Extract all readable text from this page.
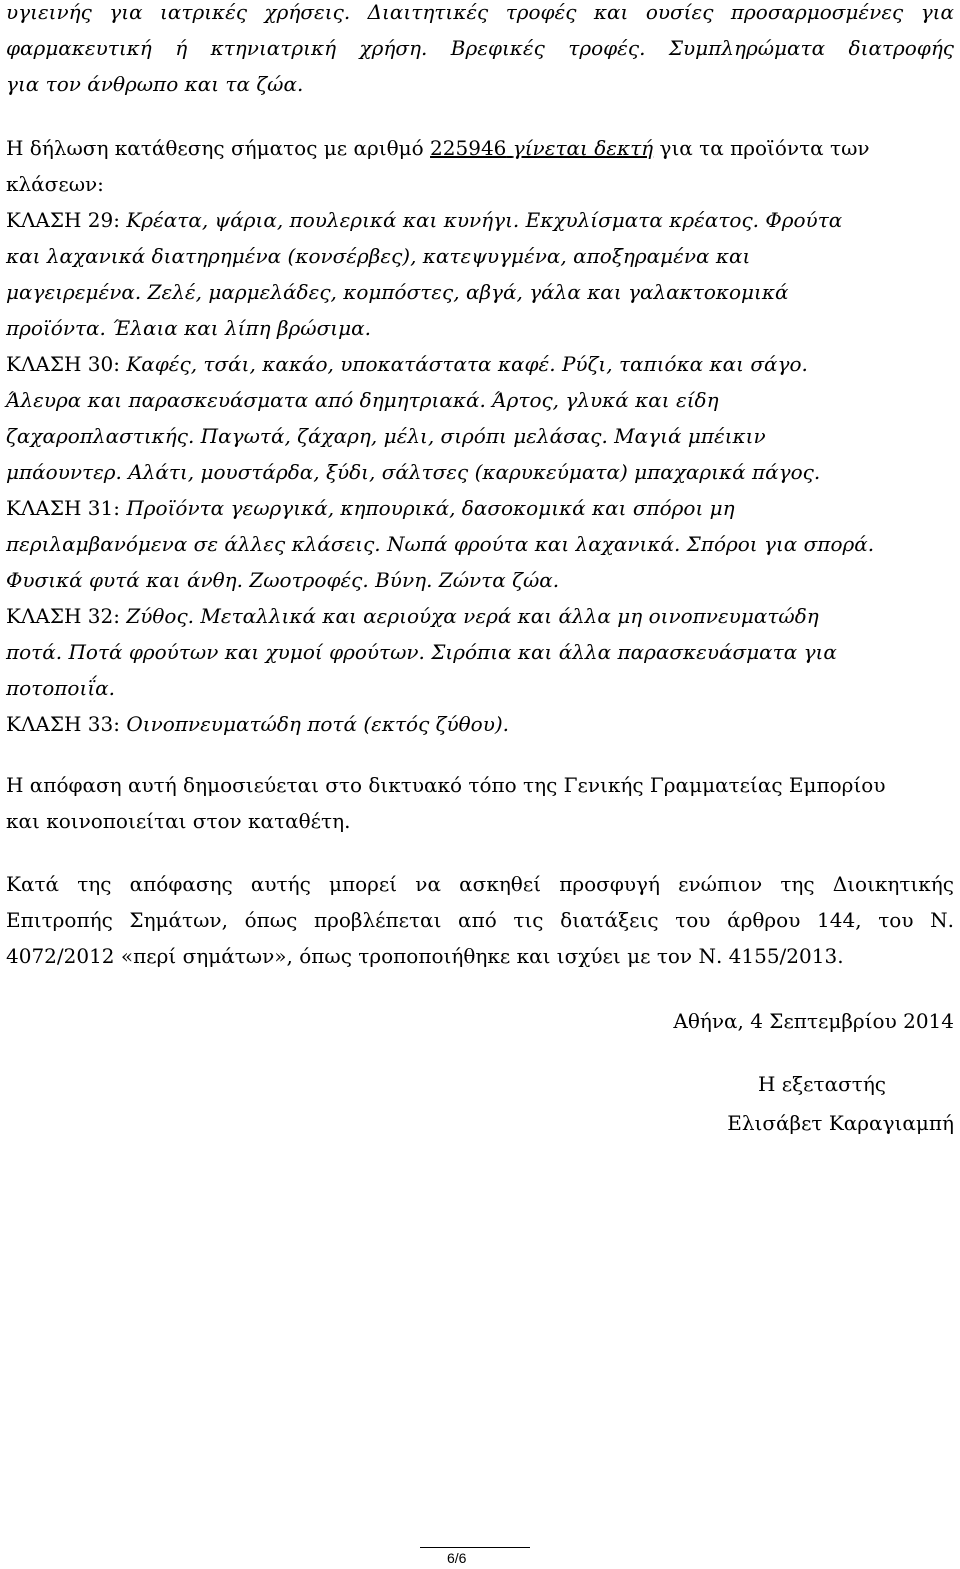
υγιεινής για ιατρικές χρήσεις. Διαιτητικές τροφές και ουσίες προσαρμοσμένες για
φαρμακευτική ή κτηνιατρική χρήση. Βρεφικές τροφές. Συμπληρώματα διατροφής
για τον άνθρωπο και τα ζώα.
Η δήλωση κατάθεσης σήματος με αριθμό 225946 γίνεται δεκτή για τα προϊόντα των
κλάσεων:
ΚΛΑΣΗ 29: Κρέατα, ψάρια, πουλερικά και κυνήγι. Εκχυλίσματα κρέατος. Φρούτα
και λαχανικά διατηρημένα (κονσέρβες), κατεψυγμένα, αποξηραμένα και
μαγειρεμένα. Ζελέ, μαρμελάδες, κομπόστες, αβγά, γάλα και γαλακτοκομικά
προϊόντα. Έλαια και λίπη βρώσιμα.
ΚΛΑΣΗ 30: Καφές, τσάι, κακάο, υποκατάστατα καφέ. Ρύζι, ταπιόκα και σάγο.
Άλευρα και παρασκευάσματα από δημητριακά. Άρτος, γλυκά και είδη
ζαχαροπλαστικής. Παγωτά, ζάχαρη, μέλι, σιρόπι μελάσας. Μαγιά μπέικιν
μπάουντερ. Αλάτι, μουστάρδα, ξύδι, σάλτσες (καρυκεύματα) μπαχαρικά πάγος.
ΚΛΑΣΗ 31: Προϊόντα γεωργικά, κηπουρικά, δασοκομικά και σπόροι μη
περιλαμβανόμενα σε άλλες κλάσεις. Νωπά φρούτα και λαχανικά. Σπόροι για σπορά.
Φυσικά φυτά και άνθη. Ζωοτροφές. Βύνη. Ζώντα ζώα.
ΚΛΑΣΗ 32: Ζύθος. Μεταλλικά και αεριούχα νερά και άλλα μη οινοπνευματώδη
ποτά. Ποτά φρούτων και χυμοί φρούτων. Σιρόπια και άλλα παρασκευάσματα για
ποτοποιΐα.
ΚΛΑΣΗ 33: Οινοπνευματώδη ποτά (εκτός ζύθου).
Η απόφαση αυτή δημοσιεύεται στο δικτυακό τόπο της Γενικής Γραμματείας Εμπορίου
και κοινοποιείται στον καταθέτη.
Κατά της απόφασης αυτής μπορεί να ασκηθεί προσφυγή ενώπιον της Διοικητικής
Επιτροπής Σημάτων, όπως προβλέπεται από τις διατάξεις του άρθρου 144, του Ν.
4072/2012 «περί σημάτων», όπως τροποποιήθηκε και ισχύει με τον Ν. 4155/2013.
Αθήνα, 4 Σεπτεμβρίου 2014
Η εξεταστής
Ελισάβετ Καραγιαμπή
6/6
